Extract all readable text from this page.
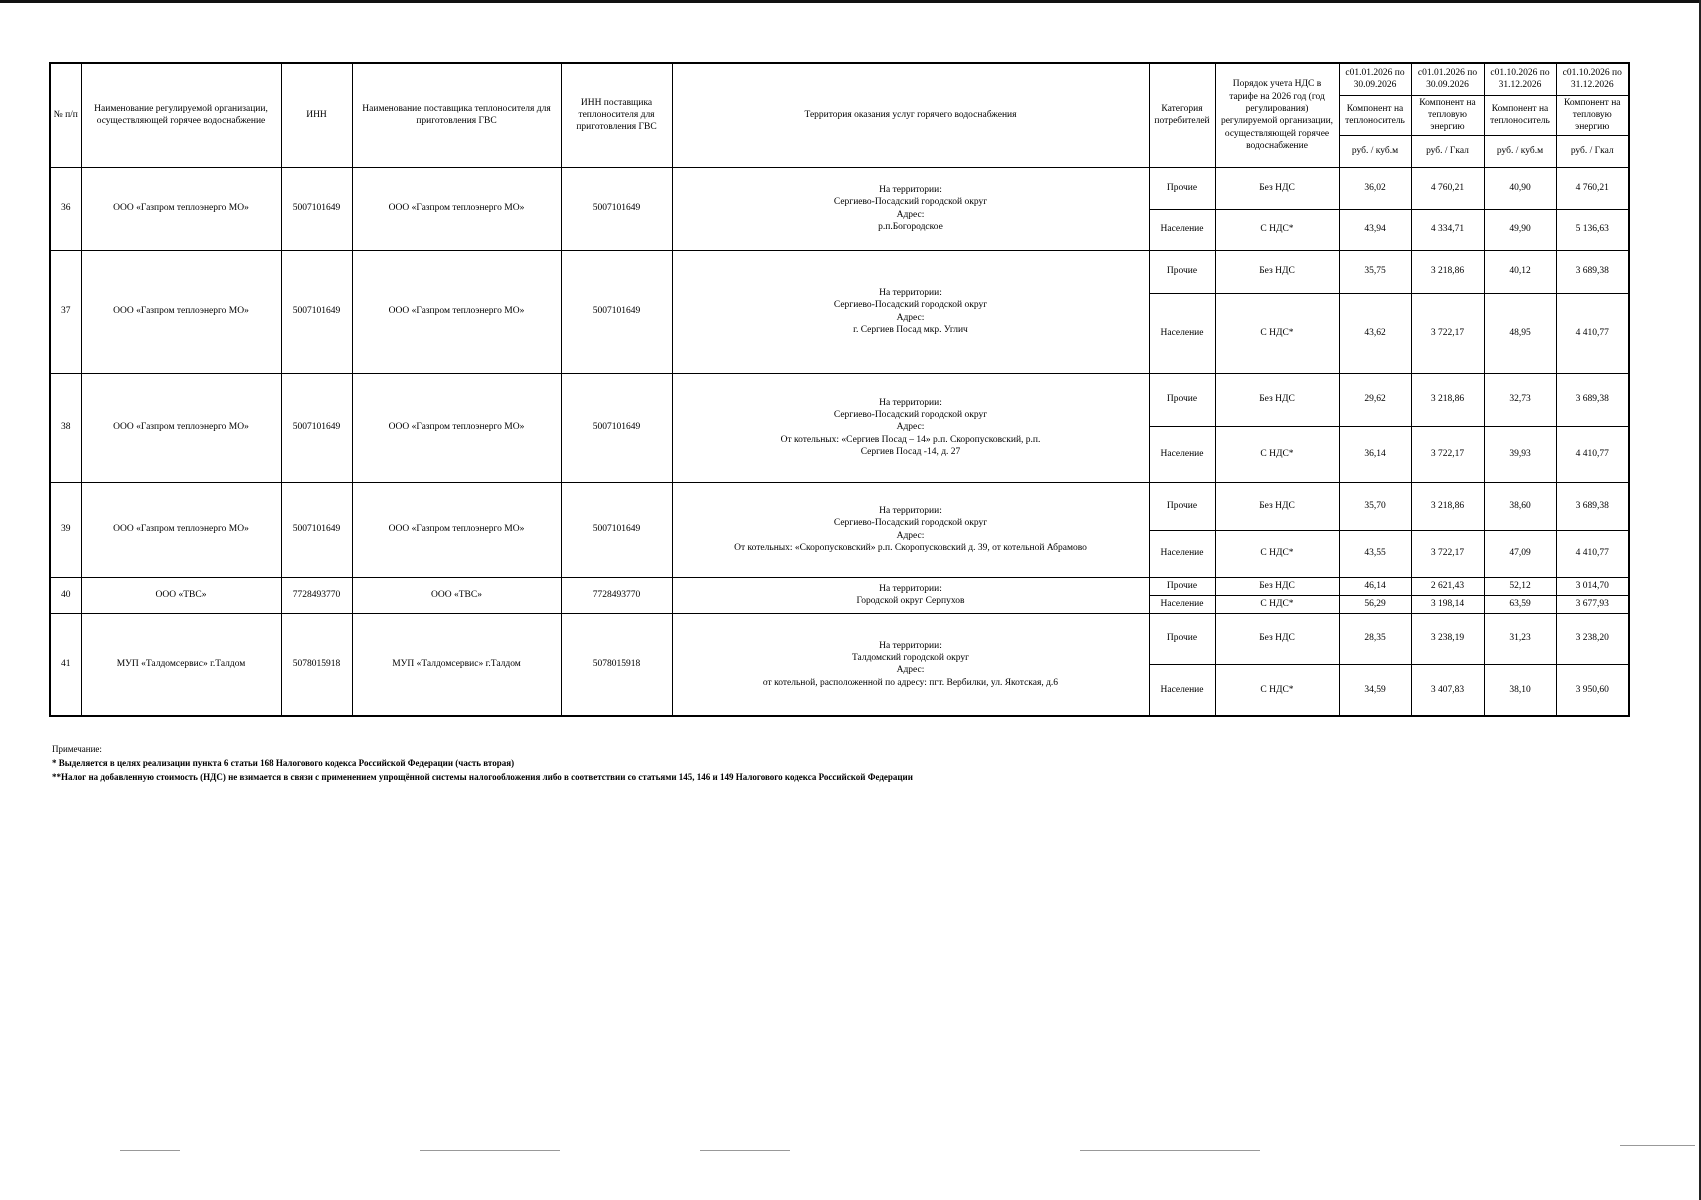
№ п/п	Наименование регулируемой организации, осуществляющей горячее водоснабжение	ИНН	Наименование поставщика теплоносителя для приготовления ГВС	ИНН поставщика теплоносителя для приготовления ГВС	Территория оказания услуг горячего водоснабжения	Категория потребителей	Порядок учета НДС в тарифе на 2026 год (год регулирования) регулируемой организации, осуществляющей горячее водоснабжение	с01.01.2026 по 30.09.2026	с01.01.2026 по 30.09.2026	с01.10.2026 по 31.12.2026	с01.10.2026 по 31.12.2026
								Компонент на теплоноситель	Компонент на тепловую энергию	Компонент на теплоноситель	Компонент на тепловую энергию
								руб. / куб.м	руб. / Гкал	руб. / куб.м	руб. / Гкал
36	ООО «Газпром теплоэнерго МО»	5007101649	ООО «Газпром теплоэнерго МО»	5007101649	На территории:
Сергиево-Посадский городской округ
Адрес:
р.п.Богородское	Прочие	Без НДС	36,02	4 760,21	40,90	4 760,21
						Население	С НДС*	43,94	4 334,71	49,90	5 136,63
37	ООО «Газпром теплоэнерго МО»	5007101649	ООО «Газпром теплоэнерго МО»	5007101649	На территории:
Сергиево-Посадский городской округ
Адрес:
г. Сергиев Посад мкр. Углич	Прочие	Без НДС	35,75	3 218,86	40,12	3 689,38
						Население	С НДС*	43,62	3 722,17	48,95	4 410,77
38	ООО «Газпром теплоэнерго МО»	5007101649	ООО «Газпром теплоэнерго МО»	5007101649	На территории:
Сергиево-Посадский городской округ
Адрес:
От котельных: «Сергиев Посад – 14» р.п. Скоропусковский, р.п.
Сергиев Посад -14, д. 27	Прочие	Без НДС	29,62	3 218,86	32,73	3 689,38
						Население	С НДС*	36,14	3 722,17	39,93	4 410,77
39	ООО «Газпром теплоэнерго МО»	5007101649	ООО «Газпром теплоэнерго МО»	5007101649	На территории:
Сергиево-Посадский городской округ
Адрес:
От котельных: «Скоропусковский» р.п. Скоропусковский д. 39, от котельной Абрамово	Прочие	Без НДС	35,70	3 218,86	38,60	3 689,38
						Население	С НДС*	43,55	3 722,17	47,09	4 410,77
40	ООО «ТВС»	7728493770	ООО «ТВС»	7728493770	На территории:
Городской округ Серпухов	Прочие	Без НДС	46,14	2 621,43	52,12	3 014,70
						Население	С НДС*	56,29	3 198,14	63,59	3 677,93
41	МУП «Талдомсервис» г.Талдом	5078015918	МУП «Талдомсервис» г.Талдом	5078015918	На территории:
Талдомский городской округ
Адрес:
от котельной, расположенной по адресу: пгт. Вербилки, ул. Якотская, д.6	Прочие	Без НДС	28,35	3 238,19	31,23	3 238,20
						Население	С НДС*	34,59	3 407,83	38,10	3 950,60
Примечание:
* Выделяется в целях реализации пункта 6 статьи 168 Налогового кодекса Российской Федерации (часть вторая)
**Налог на добавленную стоимость (НДС) не взимается в связи с применением упрощённой системы налогообложения либо в соответствии со статьями 145, 146 и 149 Налогового кодекса Российской Федерации
